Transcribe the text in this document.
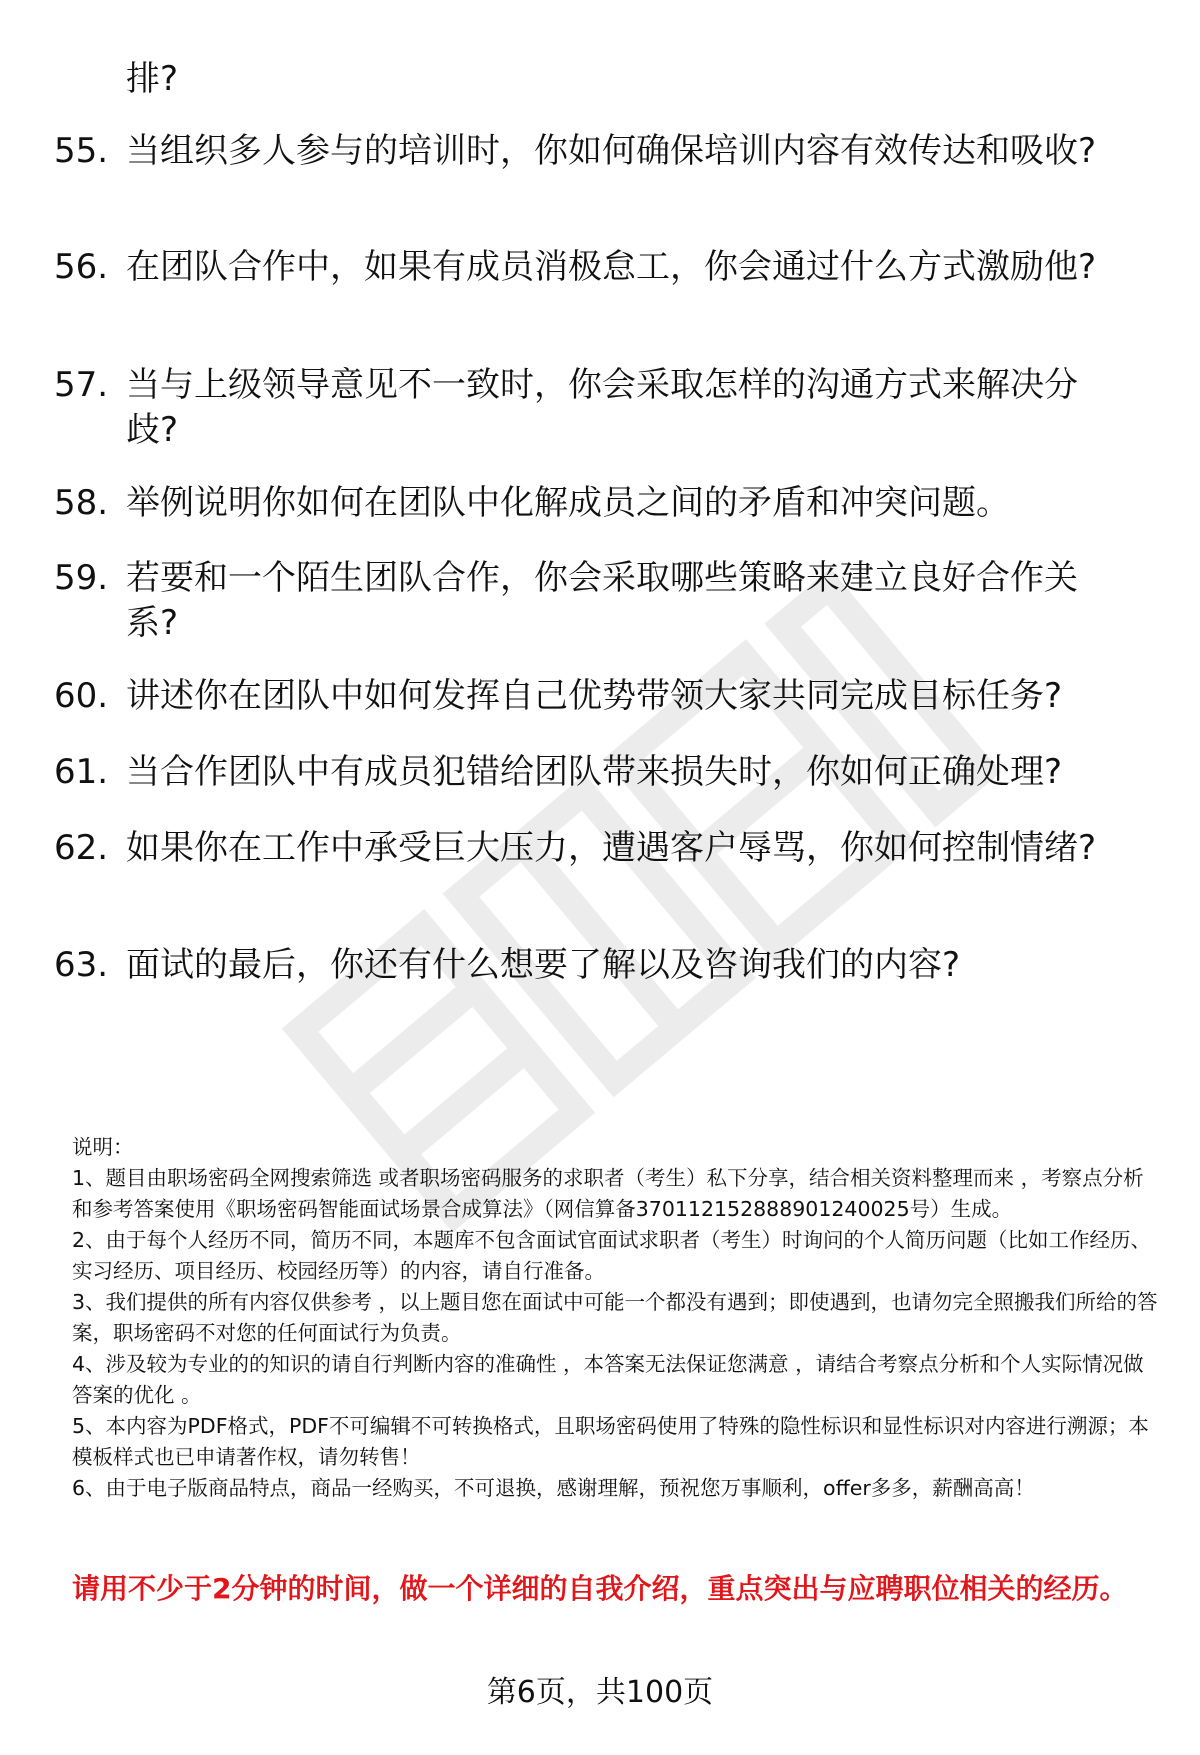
排?
55. 当组织多人参与的培训时，你如何确保培训内容有效传达和吸收?
56. 在团队合作中，如果有成员消极怠工，你会通过什么方式激励他?
57. 当与上级领导意见不一致时，你会采取怎样的沟通方式来解决分歧?
58. 举例说明你如何在团队中化解成员之间的矛盾和冲突问题。
59. 若要和一个陌生团队合作，你会采取哪些策略来建立良好合作关系?
60. 讲述你在团队中如何发挥自己优势带领大家共同完成目标任务?
61. 当合作团队中有成员犯错给团队带来损失时，你如何正确处理?
62. 如果你在工作中承受巨大压力，遭遇客户辱骂，你如何控制情绪?
63. 面试的最后，你还有什么想要了解以及咨询我们的内容?

说明：

1、题目由职场密码全网搜索筛选 或者职场密码服务的求职者（考生）私下分享，结合相关资料整理而来 ，考察点分析和参考答案使用《职场密码智能面试场景合成算法》（网信算备370112152888901240025号）生成。

2、由于每个人经历不同，简历不同，本题库不包含面试官面试求职者（考生）时询问的个人简历问题（比如工作经历、实习经历、项目经历、校园经历等）的内容，请自行准备。

3、我们提供的所有内容仅供参考 ，以上题目您在面试中可能一个都没有遇到；即使遇到，也请勿完全照搬我们所给的答案，职场密码不对您的任何面试行为负责。

4、涉及较为专业的的知识的请自行判断内容的准确性 ，本答案无法保证您满意 ，请结合考察点分析和个人实际情况做答案的优化 。

5、本内容为PDF格式，PDF不可编辑不可转换格式，且职场密码使用了特殊的隐性标识和显性标识对内容进行溯源；本模板样式也已申请著作权，请勿转售！

6、由于电子版商品特点，商品一经购买，不可退换，感谢理解，预祝您万事顺利，offer多多，薪酬高高！

请用不少于2分钟的时间，做一个详细的自我介绍，重点突出与应聘职位相关的经历。
第6页，共100页
